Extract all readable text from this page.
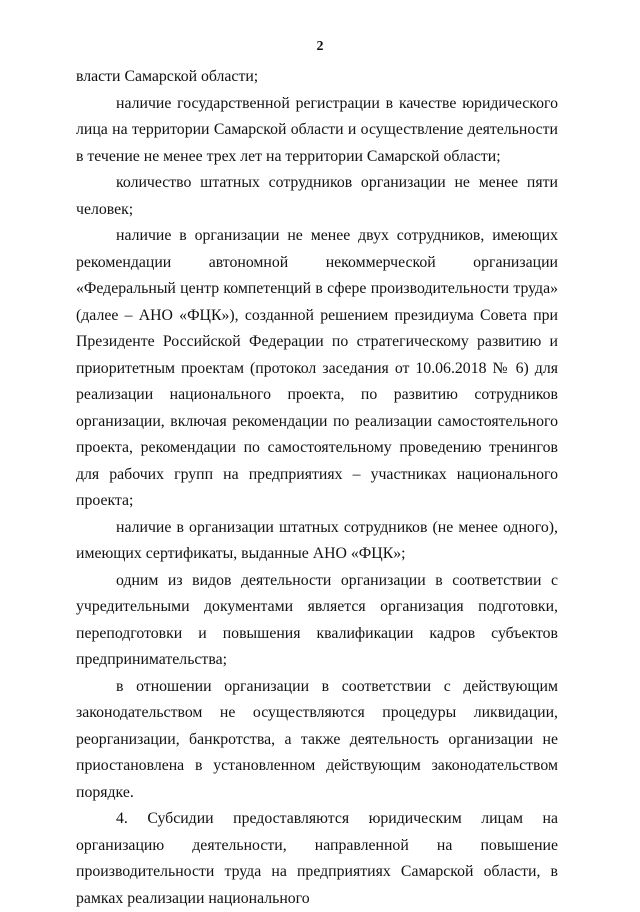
2

власти Самарской области;

наличие государственной регистрации в качестве юридического лица на территории Самарской области и осуществление деятельности в течение не менее трех лет на территории Самарской области;

количество штатных сотрудников организации не менее пяти человек;

наличие в организации не менее двух сотрудников, имеющих рекомендации автономной некоммерческой организации «Федеральный центр компетенций в сфере производительности труда» (далее – АНО «ФЦК»), созданной решением президиума Совета при Президенте Российской Федерации по стратегическому развитию и приоритетным проектам (протокол заседания от 10.06.2018 № 6) для реализации национального проекта, по развитию сотрудников организации, включая рекомендации по реализации самостоятельного проекта, рекомендации по самостоятельному проведению тренингов для рабочих групп на предприятиях – участниках национального проекта;

наличие в организации штатных сотрудников (не менее одного), имеющих сертификаты, выданные АНО «ФЦК»;

одним из видов деятельности организации в соответствии с учредительными документами является организация подготовки, переподготовки и повышения квалификации кадров субъектов предпринимательства;

в отношении организации в соответствии с действующим законодательством не осуществляются процедуры ликвидации, реорганизации, банкротства, а также деятельность организации не приостановлена в установленном действующим законодательством порядке.

4. Субсидии предоставляются юридическим лицам на организацию деятельности, направленной на повышение производительности труда на предприятиях Самарской области, в рамках реализации национального
